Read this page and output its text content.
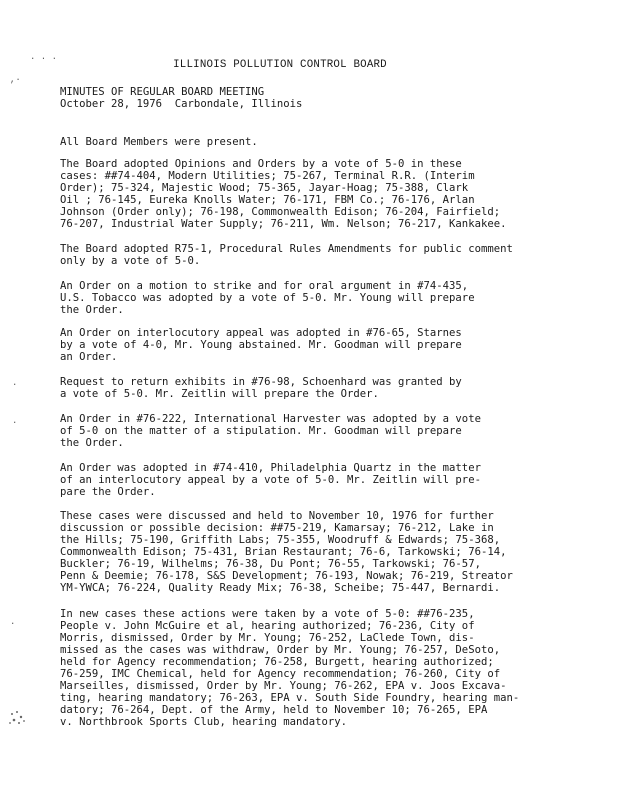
· · ·
,·
·
·
·
ILLINOIS POLLUTION CONTROL BOARD
MINUTES OF REGULAR BOARD MEETING
October 28, 1976  Carbondale, Illinois
All Board Members were present.
The Board adopted Opinions and Orders by a vote of 5-0 in these
cases: ##74-404, Modern Utilities; 75-267, Terminal R.R. (Interim
Order); 75-324, Majestic Wood; 75-365, Jayar-Hoag; 75-388, Clark
Oil ; 76-145, Eureka Knolls Water; 76-171, FBM Co.; 76-176, Arlan
Johnson (Order only); 76-198, Commonwealth Edison; 76-204, Fairfield;
76-207, Industrial Water Supply; 76-211, Wm. Nelson; 76-217, Kankakee.
The Board adopted R75-1, Procedural Rules Amendments for public comment
only by a vote of 5-0.
An Order on a motion to strike and for oral argument in #74-435,
U.S. Tobacco was adopted by a vote of 5-0. Mr. Young will prepare
the Order.
An Order on interlocutory appeal was adopted in #76-65, Starnes
by a vote of 4-0, Mr. Young abstained. Mr. Goodman will prepare
an Order.
Request to return exhibits in #76-98, Schoenhard was granted by
a vote of 5-0. Mr. Zeitlin will prepare the Order.
An Order in #76-222, International Harvester was adopted by a vote
of 5-0 on the matter of a stipulation. Mr. Goodman will prepare
the Order.
An Order was adopted in #74-410, Philadelphia Quartz in the matter
of an interlocutory appeal by a vote of 5-0. Mr. Zeitlin will pre-
pare the Order.
These cases were discussed and held to November 10, 1976 for further
discussion or possible decision: ##75-219, Kamarsay; 76-212, Lake in
the Hills; 75-190, Griffith Labs; 75-355, Woodruff & Edwards; 75-368,
Commonwealth Edison; 75-431, Brian Restaurant; 76-6, Tarkowski; 76-14,
Buckler; 76-19, Wilhelms; 76-38, Du Pont; 76-55, Tarkowski; 76-57,
Penn & Deemie; 76-178, S&S Development; 76-193, Nowak; 76-219, Streator
YM-YWCA; 76-224, Quality Ready Mix; 76-38, Scheibe; 75-447, Bernardi.
In new cases these actions were taken by a vote of 5-0: ##76-235,
People v. John McGuire et al, hearing authorized; 76-236, City of
Morris, dismissed, Order by Mr. Young; 76-252, LaClede Town, dis-
missed as the cases was withdraw, Order by Mr. Young; 76-257, DeSoto,
held for Agency recommendation; 76-258, Burgett, hearing authorized;
76-259, IMC Chemical, held for Agency recommendation; 76-260, City of
Marseilles, dismissed, Order by Mr. Young; 76-262, EPA v. Joos Excava-
ting, hearing mandatory; 76-263, EPA v. South Side Foundry, hearing man-
datory; 76-264, Dept. of the Army, held to November 10; 76-265, EPA
v. Northbrook Sports Club, hearing mandatory.
